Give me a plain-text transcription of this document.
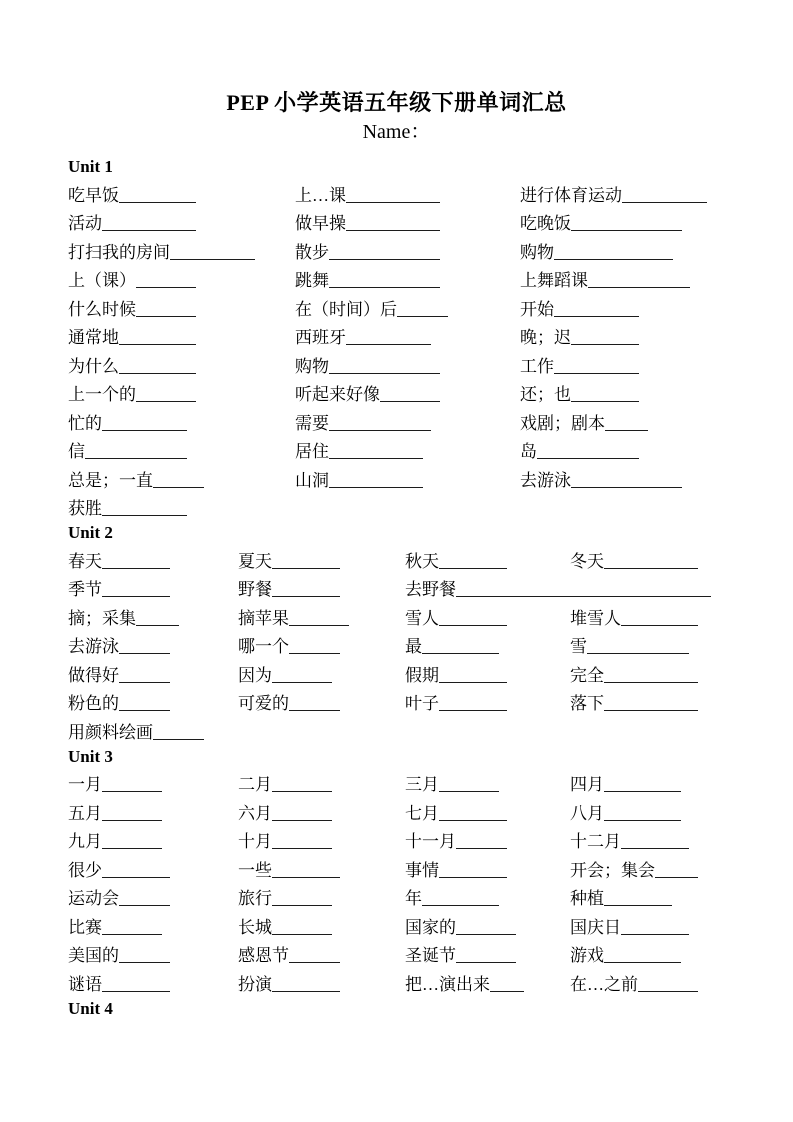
PEP 小学英语五年级下册单词汇总
Name：
Unit 1
吃早饭	上…课	进行体育运动
活动	做早操	吃晚饭
打扫我的房间	散步	购物
上（课）	跳舞	上舞蹈课
什么时候	在（时间）后	开始
通常地	西班牙	晚；迟
为什么	购物	工作
上一个的	听起来好像	还；也
忙的	需要	戏剧；剧本
信	居住	岛
总是；一直	山洞	去游泳
获胜
Unit 2
春天	夏天	秋天	冬天
季节	野餐	去野餐
摘；采集	摘苹果	雪人	堆雪人
去游泳	哪一个	最	雪
做得好	因为	假期	完全
粉色的	可爱的	叶子	落下
用颜料绘画
Unit 3
一月	二月	三月	四月
五月	六月	七月	八月
九月	十月	十一月	十二月
很少	一些	事情	开会；集会
运动会	旅行	年	种植
比赛	长城	国家的	国庆日
美国的	感恩节	圣诞节	游戏
谜语	扮演	把…演出来	在…之前
Unit 4
